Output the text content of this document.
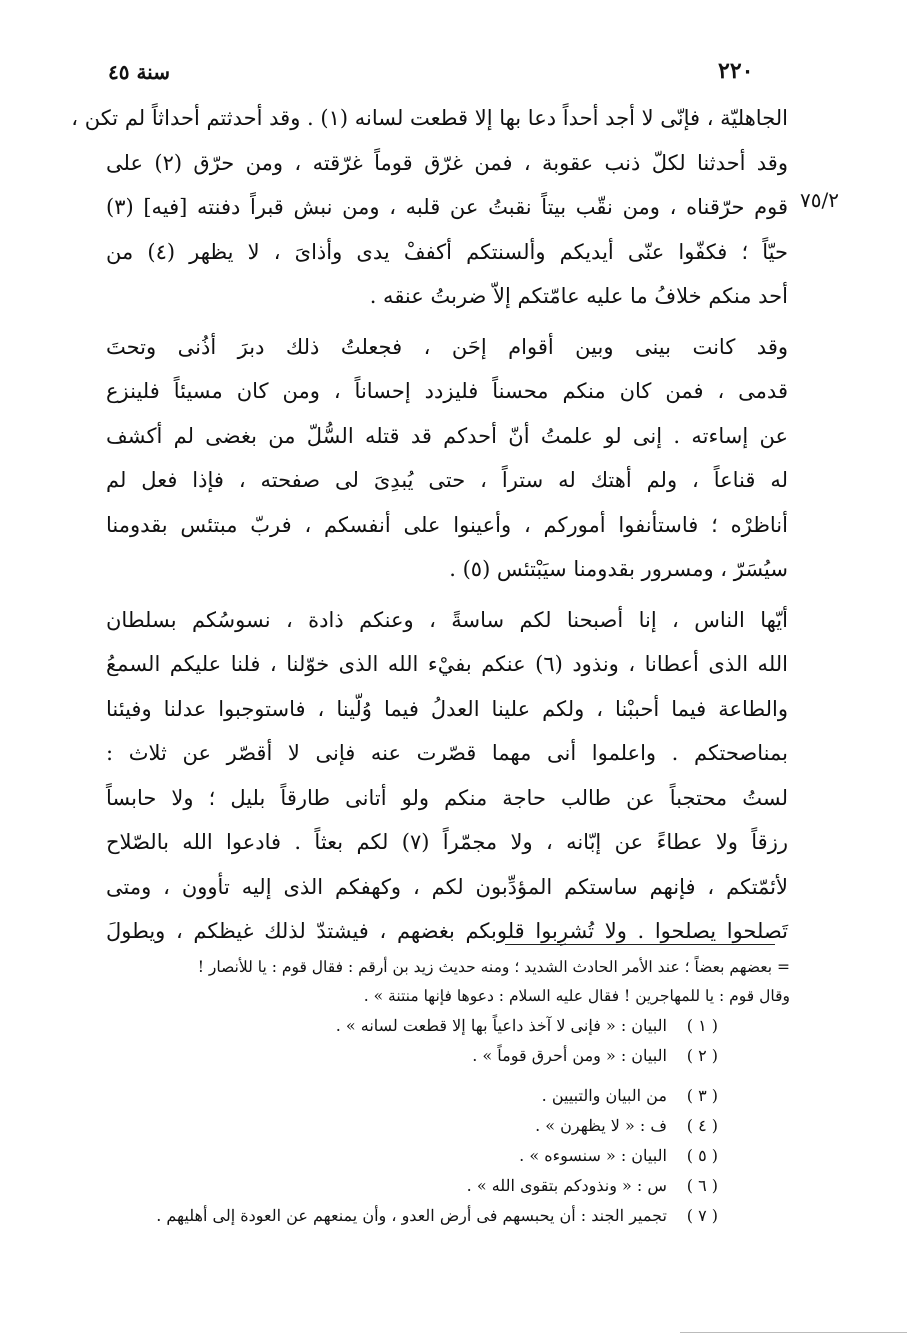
٢٢٠
سنة ٤٥
٧٥/٢
الجاهليّة ، فإنّى لا أجد أحداً دعا بها إلا قطعت لسانه (١) . وقد أحدثتم أحداثاً لم تكن ،
وقد أحدثنا لكلّ ذنب عقوبة ، فمن غرّق قوماً غرّقته ، ومن حرّق (٢) على
قوم حرّقناه ، ومن نقّب بيتاً نقبتُ عن قلبه ، ومن نبش قبراً دفنته [فيه] (٣)
حيّاً ؛ فكفّوا عنّى أيديكم وألسنتكم أكففْ يدى وأذاىَ ، لا يظهر (٤) من
أحد منكم خلافُ ما عليه عامّتكم إلاّ ضربتُ عنقه .
وقد كانت بينى وبين أقوام إحَن ، فجعلتُ ذلك دبرَ أذُنى وتحتَ
قدمى ، فمن كان منكم محسناً فليزدد إحساناً ، ومن كان مسيئاً فلينزع
عن إساءته . إنى لو علمتُ أنّ أحدكم قد قتله السُّلّ من بغضى لم أكشف
له قناعاً ، ولم أهتك له ستراً ، حتى يُبدِىَ لى صفحته ، فإذا فعل لم
أناظرْه ؛ فاستأنفوا أموركم ، وأعينوا على أنفسكم ، فربّ مبتئس بقدومنا
سيُسَرّ ، ومسرور بقدومنا سيَبْتئس (٥) .
أيّها الناس ، إنا أصبحنا لكم ساسةً ، وعنكم ذادة ، نسوسُكم بسلطان
الله الذى أعطانا ، ونذود (٦) عنكم بفيْء الله الذى خوّلنا ، فلنا عليكم السمعُ
والطاعة فيما أحببْنا ، ولكم علينا العدلُ فيما وُلّينا ، فاستوجبوا عدلنا وفيئنا
بمناصحتكم . واعلموا أنى مهما قصّرت عنه فإنى لا أقصّر عن ثلاث :
لستُ محتجباً عن طالب حاجة منكم ولو أتانى طارقاً بليل ؛ ولا حابساً
رزقاً ولا عطاءً عن إبّانه ، ولا مجمّراً (٧) لكم بعثاً . فادعوا الله بالصّلاح
لأئمّتكم ، فإنهم ساستكم المؤدِّبون لكم ، وكهفكم الذى إليه تأوون ، ومتى
تَصلحوا يصلحوا . ولا تُشرِبوا قلوبكم بغضهم ، فيشتدّ لذلك غيظكم ، ويطولَ
= بعضهم بعضاً ؛ عند الأمر الحادث الشديد ؛ ومنه حديث زيد بن أرقم : فقال قوم : يا للأنصار !
وقال قوم : يا للمهاجرين ! فقال عليه السلام : دعوها فإنها منتنة » .
( ١ ) البيان : « فإنى لا آخذ داعياً بها إلا قطعت لسانه » .
( ٢ ) البيان : « ومن أحرق قوماً » .
( ٣ ) من البيان والتبيين .
( ٤ ) ف : « لا يظهرن » .
( ٥ ) البيان : « سنسوءه » .
( ٦ ) س : « ونذودكم بتقوى الله » .
( ٧ ) تجمير الجند : أن يحبسهم فى أرض العدو ، وأن يمنعهم عن العودة إلى أهليهم .
